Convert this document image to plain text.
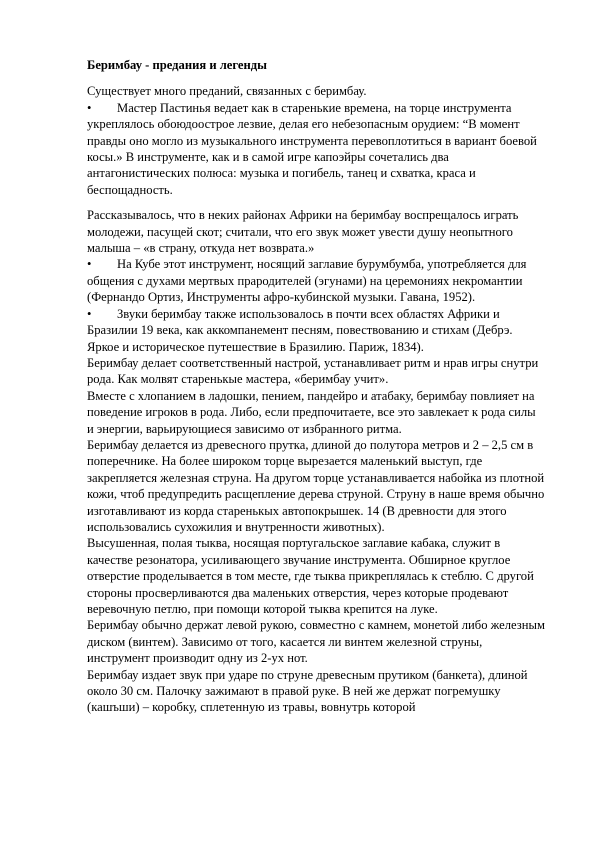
Беримбау - предания и легенды

Существует много преданий, связанных с беримбау.

• Мастер Пастинья ведает как в старенькие времена, на торце инструмента укреплялось обоюдоострое лезвие, делая его небезопасным орудием: “В момент правды оно могло из музыкального инструмента перевоплотиться в вариант боевой косы.» В инструменте, как и в самой игре капоэйры сочетались два антагонистических полюса: музыка и погибель, танец и схватка, краса и беспощадность.

Рассказывалось, что в неких районах Африки на беримбау воспрещалось играть молодежи, пасущей скот; считали, что его звук может увести душу неопытного малыша – «в страну, откуда нет возврата.»

• На Кубе этот инструмент, носящий заглавие бурумбумба, употребляется для общения с духами мертвых прародителей (эгунами) на церемониях некромантии (Фернандо Ортиз, Инструменты афро-кубинской музыки. Гавана, 1952).

• Звуки беримбау также использовалось в почти всех областях Африки и Бразилии 19 века, как аккомпанемент песням, повествованию и стихам (Дебрэ. Яркое и историческое путешествие в Бразилию. Париж, 1834).

Беримбау делает соответственный настрой, устанавливает ритм и нрав игры снутри рода. Как молвят старенькые мастера, «беримбау учит».

Вместе с хлопанием в ладошки, пением, пандейро и атабаку, беримбау повлияет на поведение игроков в рода. Либо, если предпочитаете, все это завлекает к рода силы и энергии, варьирующиеся зависимо от избранного ритма.

Беримбау делается из древесного прутка, длиной до полутора метров и 2 – 2,5 см в поперечнике. На более широком торце вырезается маленький выступ, где закрепляется железная струна. На другом торце устанавливается набойка из плотной кожи, чтоб предупредить расщепление дерева струной. Струну в наше время обычно изготавливают из корда старенькых автопокрышек. 14 (В древности для этого использовались сухожилия и внутренности животных).

Высушенная, полая тыква, носящая португальское заглавие кабака, служит в качестве резонатора, усиливающего звучание инструмента. Обширное круглое отверстие проделывается в том месте, где тыква прикреплялась к стеблю. С другой стороны просверливаются два маленьких отверстия, через которые продевают веревочную петлю, при помощи которой тыква крепится на луке.

Беримбау обычно держат левой рукою, совместно с камнем, монетой либо железным диском (винтем). Зависимо от того, касается ли винтем железной струны, инструмент производит одну из 2-ух нот.

Беримбау издает звук при ударе по струне древесным прутиком (банкета), длиной около 30 см. Палочку зажимают в правой руке. В ней же держат погремушку (кашъши) – коробку, сплетенную из травы, вовнутрь которой
